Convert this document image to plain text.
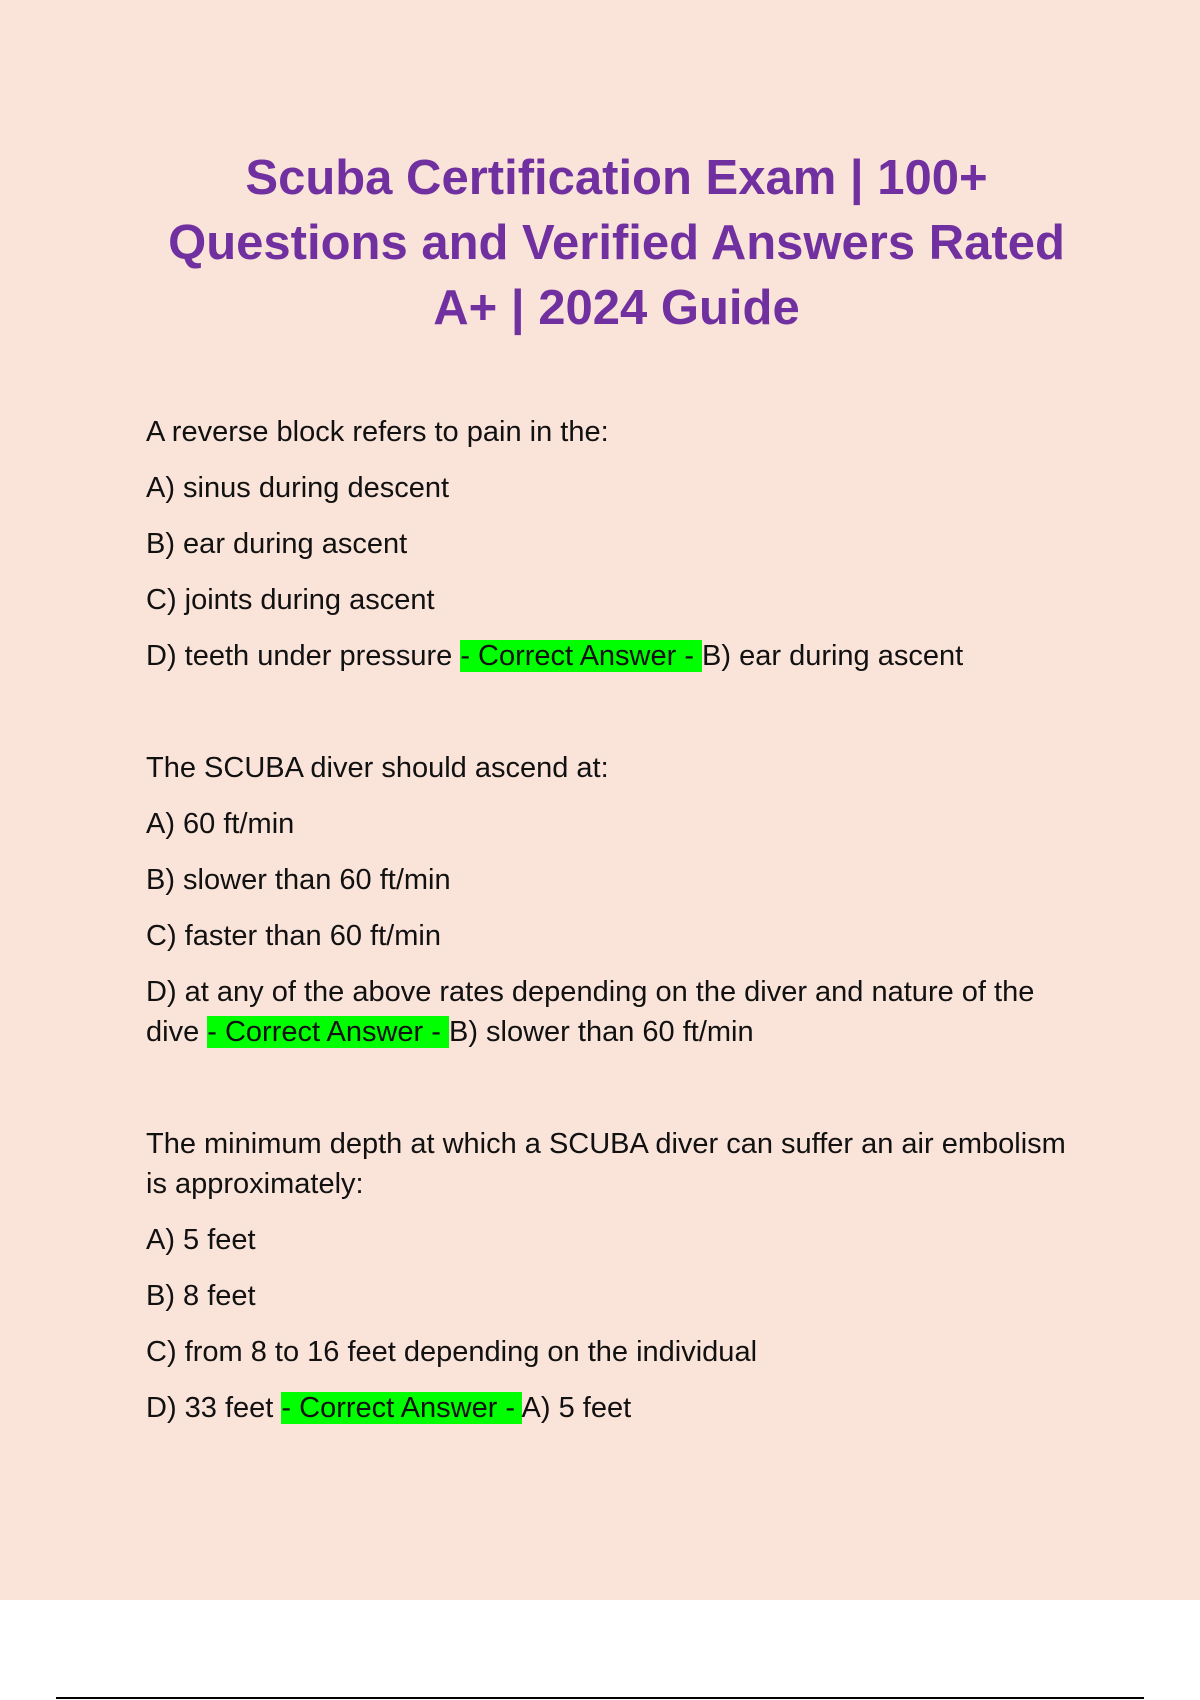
Scuba Certification Exam | 100+ Questions and Verified Answers Rated A+ | 2024 Guide

A reverse block refers to pain in the:

A) sinus during descent

B) ear during ascent

C) joints during ascent

D) teeth under pressure - Correct Answer - B) ear during ascent

The SCUBA diver should ascend at:

A) 60 ft/min

B) slower than 60 ft/min

C) faster than 60 ft/min

D) at any of the above rates depending on the diver and nature of the dive - Correct Answer - B) slower than 60 ft/min

The minimum depth at which a SCUBA diver can suffer an air embolism is approximately:

A) 5 feet

B) 8 feet

C) from 8 to 16 feet depending on the individual

D) 33 feet - Correct Answer - A) 5 feet
